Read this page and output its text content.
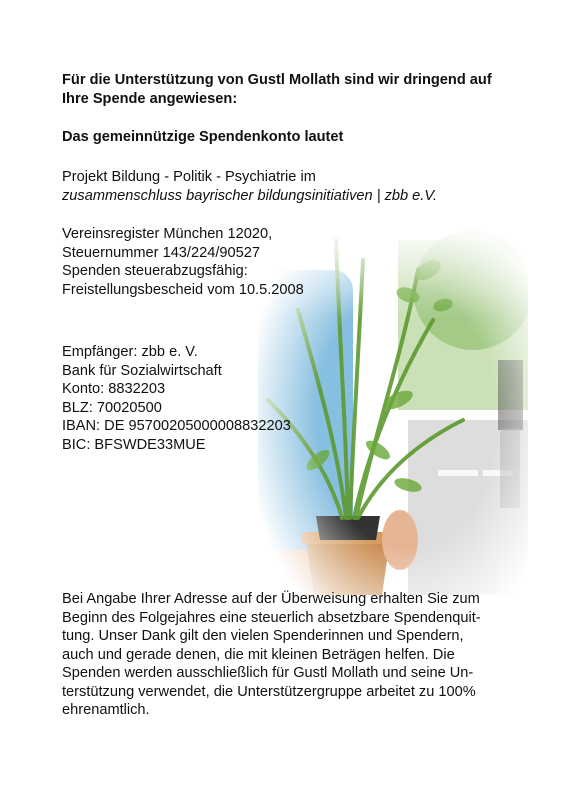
Für die Unterstützung von Gustl Mollath sind wir dringend auf
Ihre Spende angewiesen:
Das gemeinnützige Spendenkonto lautet
Projekt Bildung - Politik - Psychiatrie im
zusammenschluss bayrischer bildungsinitiativen | zbb e.V.
Vereinsregister München 12020,
Steuernummer 143/224/90527
Spenden steuerabzugsfähig:
Freistellungsbescheid vom 10.5.2008
Empfänger: zbb e. V.
Bank für Sozialwirtschaft
Konto: 8832203
BLZ: 70020500
IBAN: DE 95700205000008832203
BIC: BFSWDE33MUE
Bei Angabe Ihrer Adresse auf der Überweisung erhalten Sie zum
Beginn des Folgejahres eine steuerlich absetzbare Spendenquit-
tung. Unser Dank gilt den vielen Spenderinnen und Spendern,
auch und gerade denen, die mit kleinen Beträgen helfen. Die
Spenden werden ausschließlich für Gustl Mollath und seine Un-
terstützung verwendet, die Unterstützergruppe arbeitet zu 100%
ehrenamtlich.
